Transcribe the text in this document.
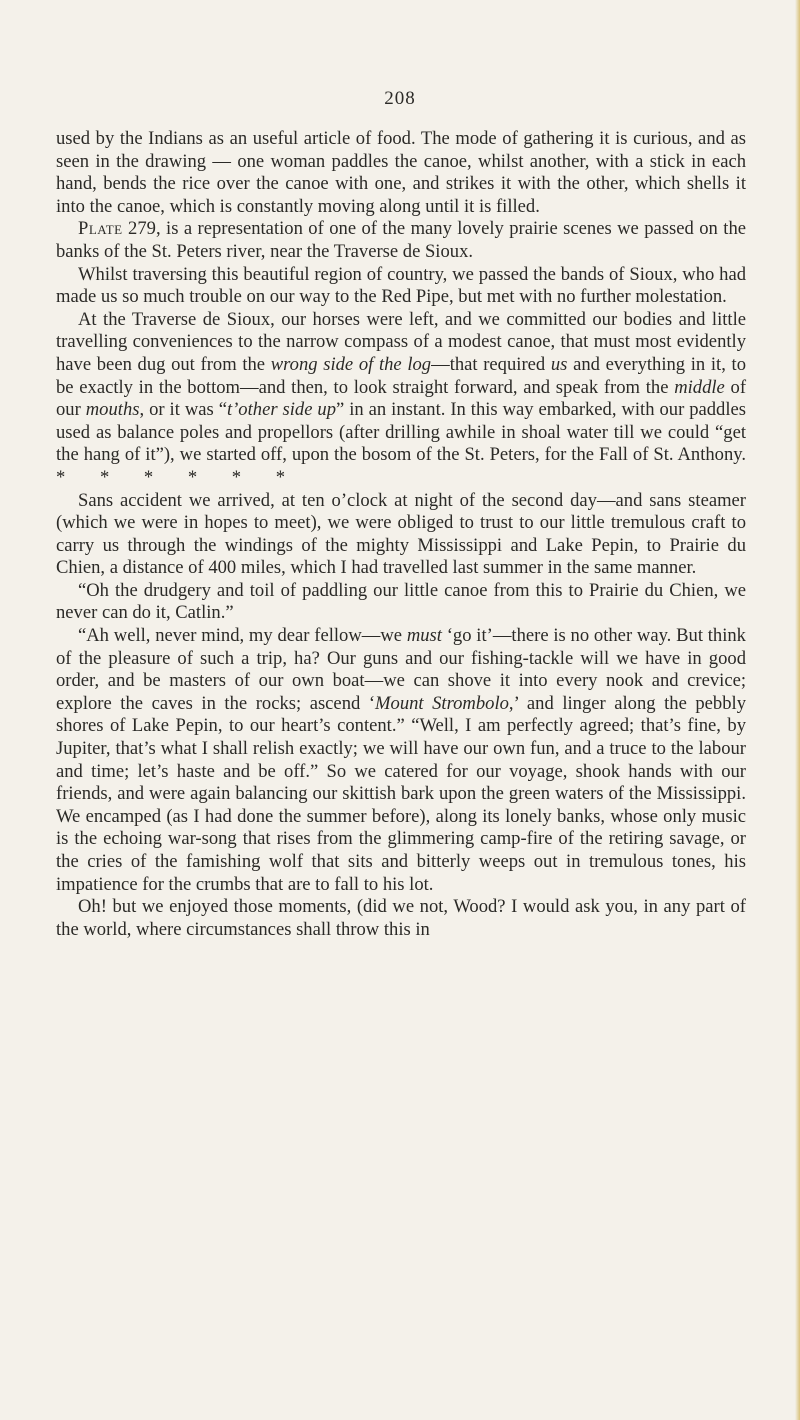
208

used by the Indians as an useful article of food. The mode of gathering it is curious, and as seen in the drawing — one woman paddles the canoe, whilst another, with a stick in each hand, bends the rice over the canoe with one, and strikes it with the other, which shells it into the canoe, which is constantly moving along until it is filled.

Plate 279, is a representation of one of the many lovely prairie scenes we passed on the banks of the St. Peters river, near the Traverse de Sioux.

Whilst traversing this beautiful region of country, we passed the bands of Sioux, who had made us so much trouble on our way to the Red Pipe, but met with no further molestation.

At the Traverse de Sioux, our horses were left, and we committed our bodies and little travelling conveniences to the narrow compass of a modest canoe, that must most evidently have been dug out from the wrong side of the log—that required us and everything in it, to be exactly in the bottom—and then, to look straight forward, and speak from the middle of our mouths, or it was “t’other side up” in an instant. In this way embarked, with our paddles used as balance poles and propellors (after drilling awhile in shoal water till we could “get the hang of it”), we started off, upon the bosom of the St. Peters, for the Fall of St. Anthony. * * * * * *

Sans accident we arrived, at ten o’clock at night of the second day—and sans steamer (which we were in hopes to meet), we were obliged to trust to our little tremulous craft to carry us through the windings of the mighty Mississippi and Lake Pepin, to Prairie du Chien, a distance of 400 miles, which I had travelled last summer in the same manner.

“Oh the drudgery and toil of paddling our little canoe from this to Prairie du Chien, we never can do it, Catlin.”

“Ah well, never mind, my dear fellow—we must ‘go it’—there is no other way. But think of the pleasure of such a trip, ha? Our guns and our fishing-tackle will we have in good order, and be masters of our own boat—we can shove it into every nook and crevice; explore the caves in the rocks; ascend ‘Mount Strombolo,’ and linger along the pebbly shores of Lake Pepin, to our heart’s content.” “Well, I am perfectly agreed; that’s fine, by Jupiter, that’s what I shall relish exactly; we will have our own fun, and a truce to the labour and time; let’s haste and be off.” So we catered for our voyage, shook hands with our friends, and were again balancing our skittish bark upon the green waters of the Mississippi. We encamped (as I had done the summer before), along its lonely banks, whose only music is the echoing war-song that rises from the glimmering camp-fire of the retiring savage, or the cries of the famishing wolf that sits and bitterly weeps out in tremulous tones, his impatience for the crumbs that are to fall to his lot.

Oh! but we enjoyed those moments, (did we not, Wood? I would ask you, in any part of the world, where circumstances shall throw this in
